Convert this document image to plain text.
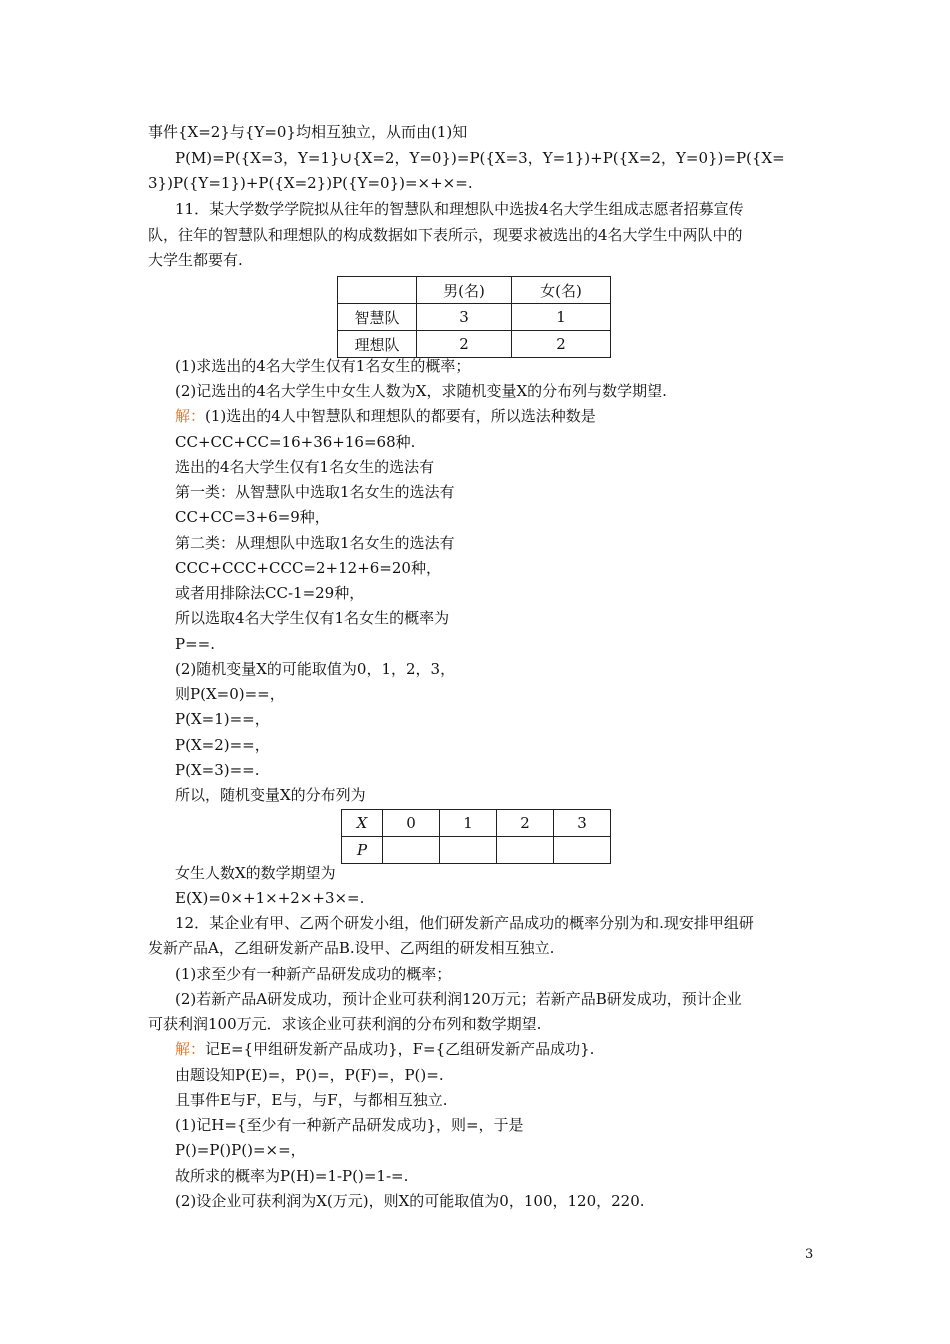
事件{X=2}与{Y=0}均相互独立，从而由(1)知
P(M)=P({X=3，Y=1}∪{X=2，Y=0})=P({X=3，Y=1})+P({X=2，Y=0})=P({X=
3})P({Y=1})+P({X=2})P({Y=0})=×+×=.
11．某大学数学学院拟从往年的智慧队和理想队中选拔4名大学生组成志愿者招募宣传
队，往年的智慧队和理想队的构成数据如下表所示，现要求被选出的4名大学生中两队中的
大学生都要有.
	男(名)	女(名)
智慧队	3	1
理想队	2	2
(1)求选出的4名大学生仅有1名女生的概率；
(2)记选出的4名大学生中女生人数为X，求随机变量X的分布列与数学期望.
解：(1)选出的4人中智慧队和理想队的都要有，所以选法种数是
CC+CC+CC=16+36+16=68种.
选出的4名大学生仅有1名女生的选法有
第一类：从智慧队中选取1名女生的选法有
CC+CC=3+6=9种，
第二类：从理想队中选取1名女生的选法有
CCC+CCC+CCC=2+12+6=20种，
或者用排除法CC-1=29种，
所以选取4名大学生仅有1名女生的概率为
P==.
(2)随机变量X的可能取值为0，1，2，3，
则P(X=0)==，
P(X=1)==，
P(X=2)==，
P(X=3)==.
所以，随机变量X的分布列为
X	0	1	2	3
P				
女生人数X的数学期望为
E(X)=0×+1×+2×+3×=.
12．某企业有甲、乙两个研发小组，他们研发新产品成功的概率分别为和.现安排甲组研
发新产品A，乙组研发新产品B.设甲、乙两组的研发相互独立.
(1)求至少有一种新产品研发成功的概率；
(2)若新产品A研发成功，预计企业可获利润120万元；若新产品B研发成功，预计企业
可获利润100万元．求该企业可获利润的分布列和数学期望.
解：记E={甲组研发新产品成功}，F={乙组研发新产品成功}.
由题设知P(E)=，P()=，P(F)=，P()=.
且事件E与F，E与，与F，与都相互独立.
(1)记H={至少有一种新产品研发成功}，则=，于是
P()=P()P()=×=，
故所求的概率为P(H)=1-P()=1-=.
(2)设企业可获利润为X(万元)，则X的可能取值为0，100，120，220.
3
